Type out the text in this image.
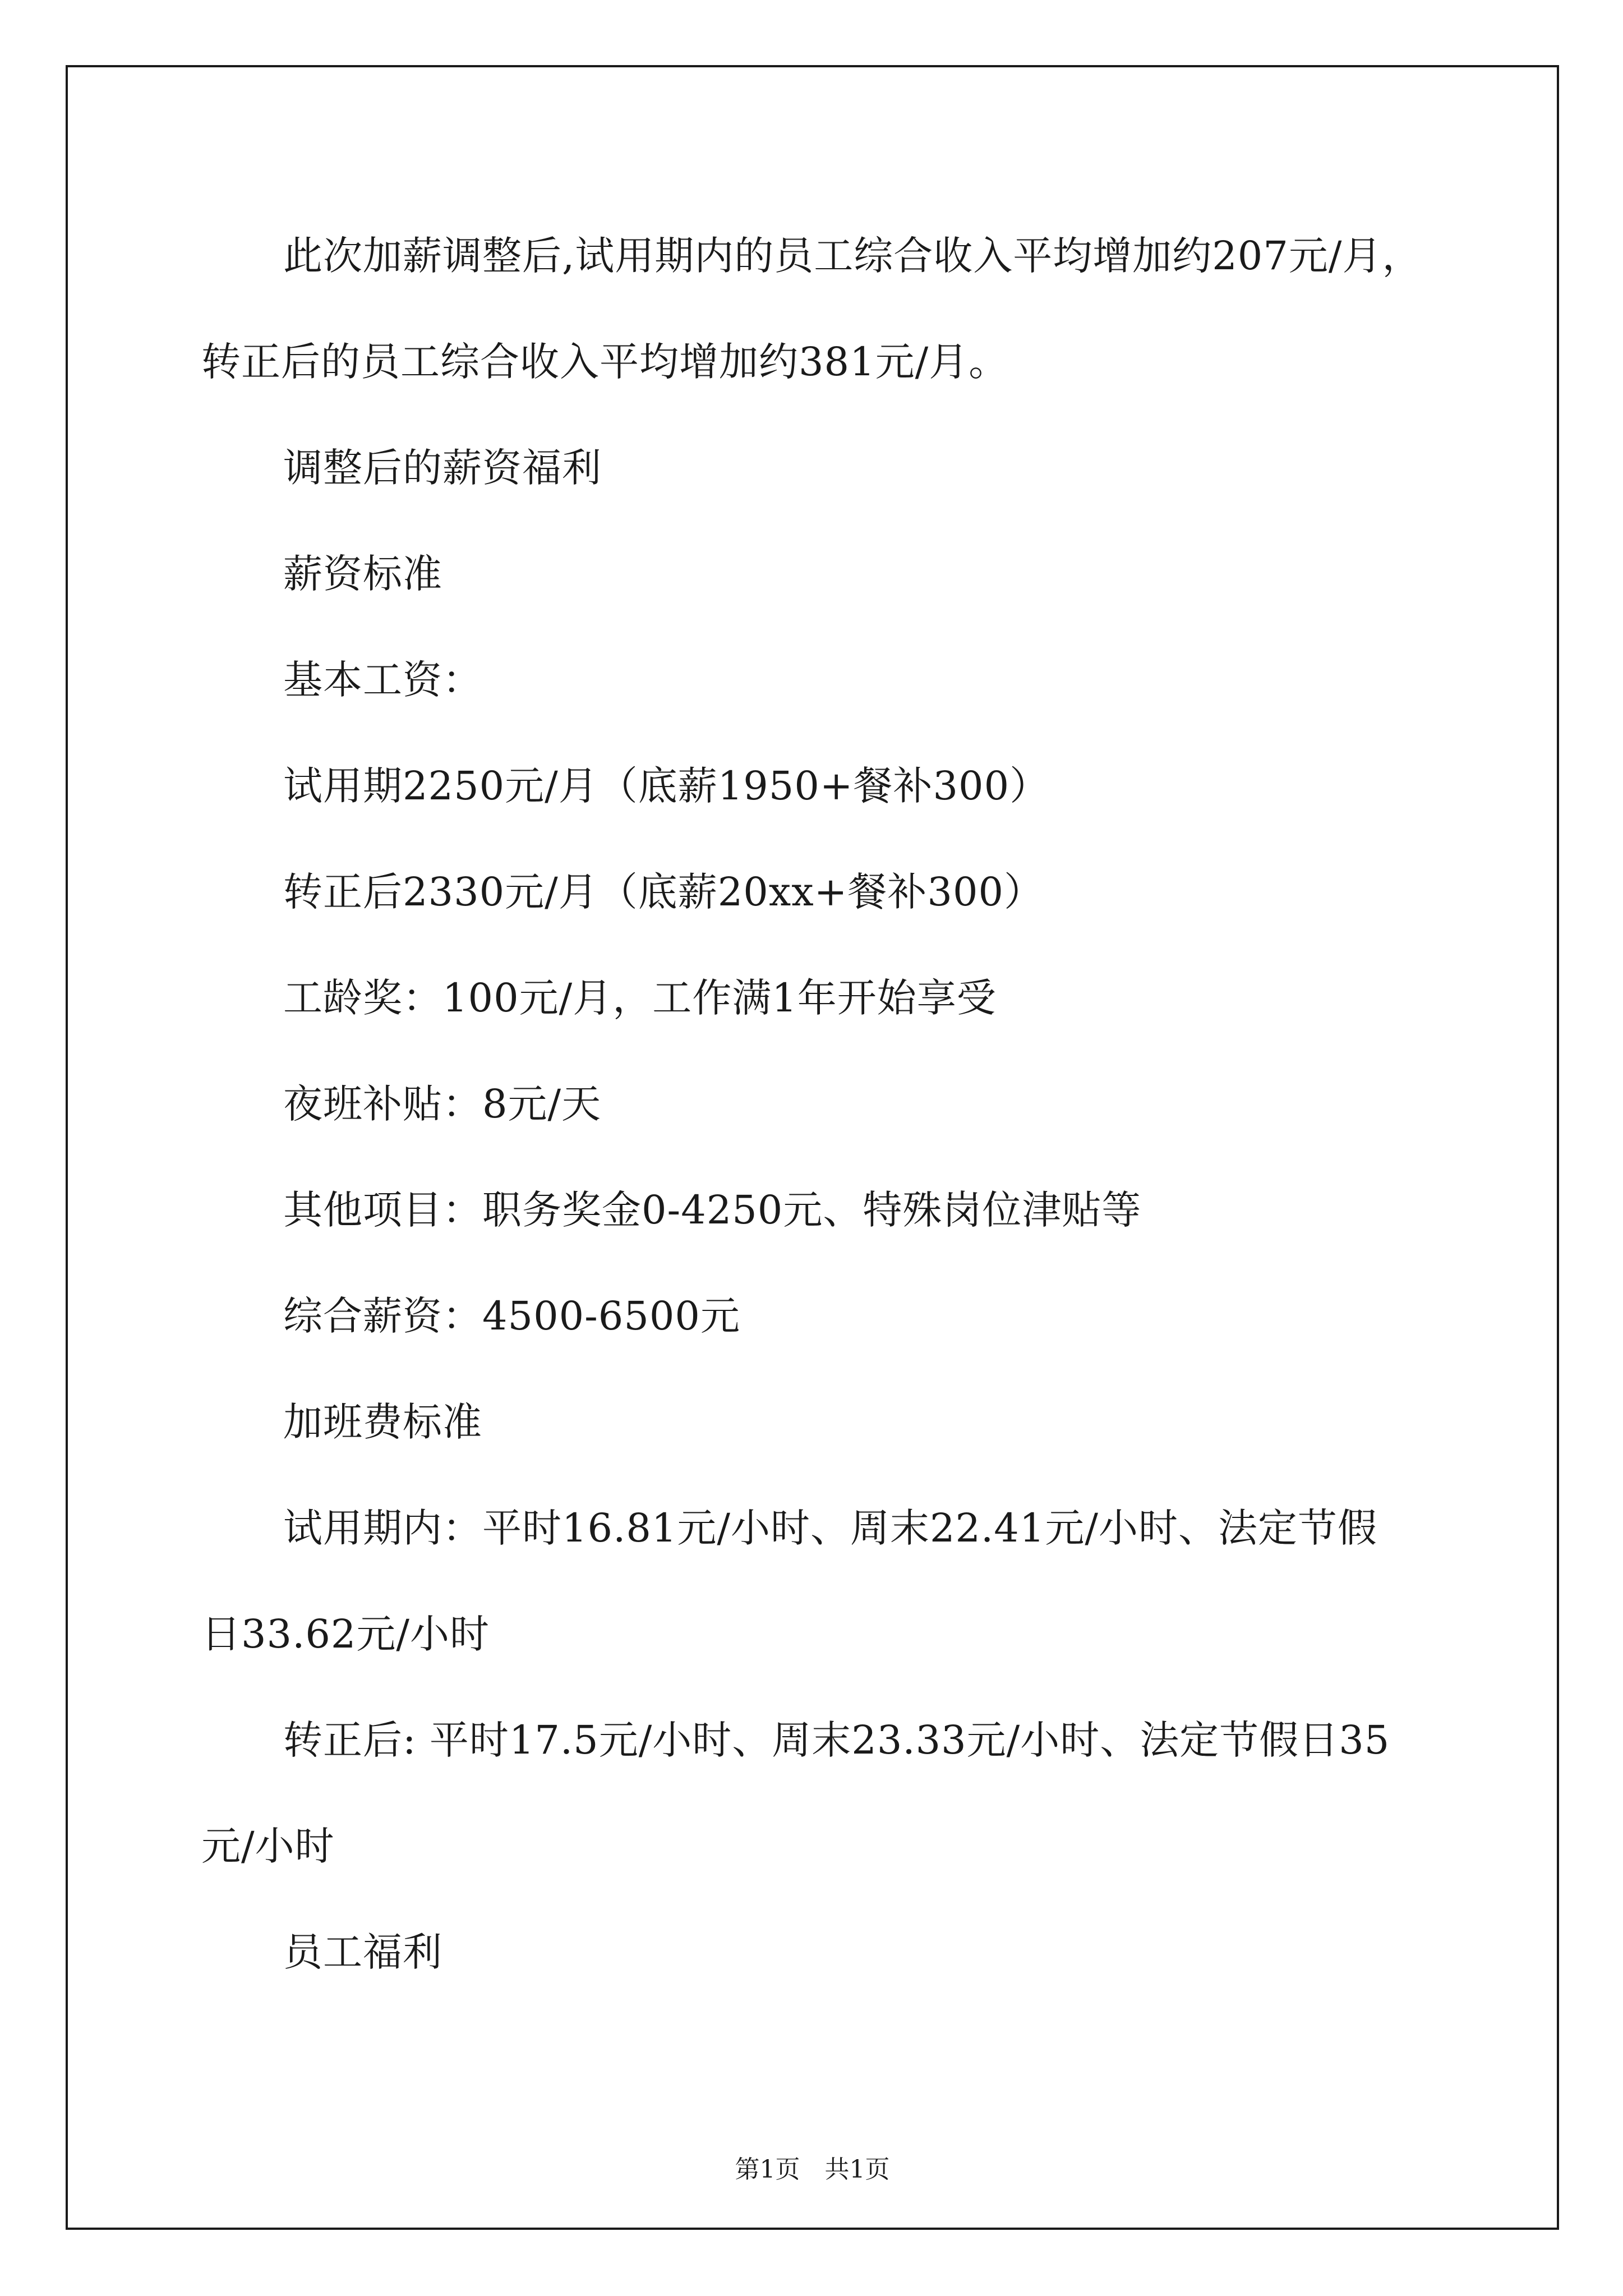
此次加薪调整后,试用期内的员工综合收入平均增加约207元/月，
转正后的员工综合收入平均增加约381元/月。
调整后的薪资福利
薪资标准
基本工资：
试用期2250元/月（底薪1950+餐补300）
转正后2330元/月（底薪20xx+餐补300）
工龄奖：100元/月，工作满1年开始享受
夜班补贴：8元/天
其他项目：职务奖金0-4250元、特殊岗位津贴等
综合薪资：4500-6500元
加班费标准
试用期内：平时16.81元/小时、周末22.41元/小时、法定节假
日33.62元/小时
转正后: 平时17.5元/小时、周末23.33元/小时、法定节假日35
元/小时
员工福利
第1页　共1页
